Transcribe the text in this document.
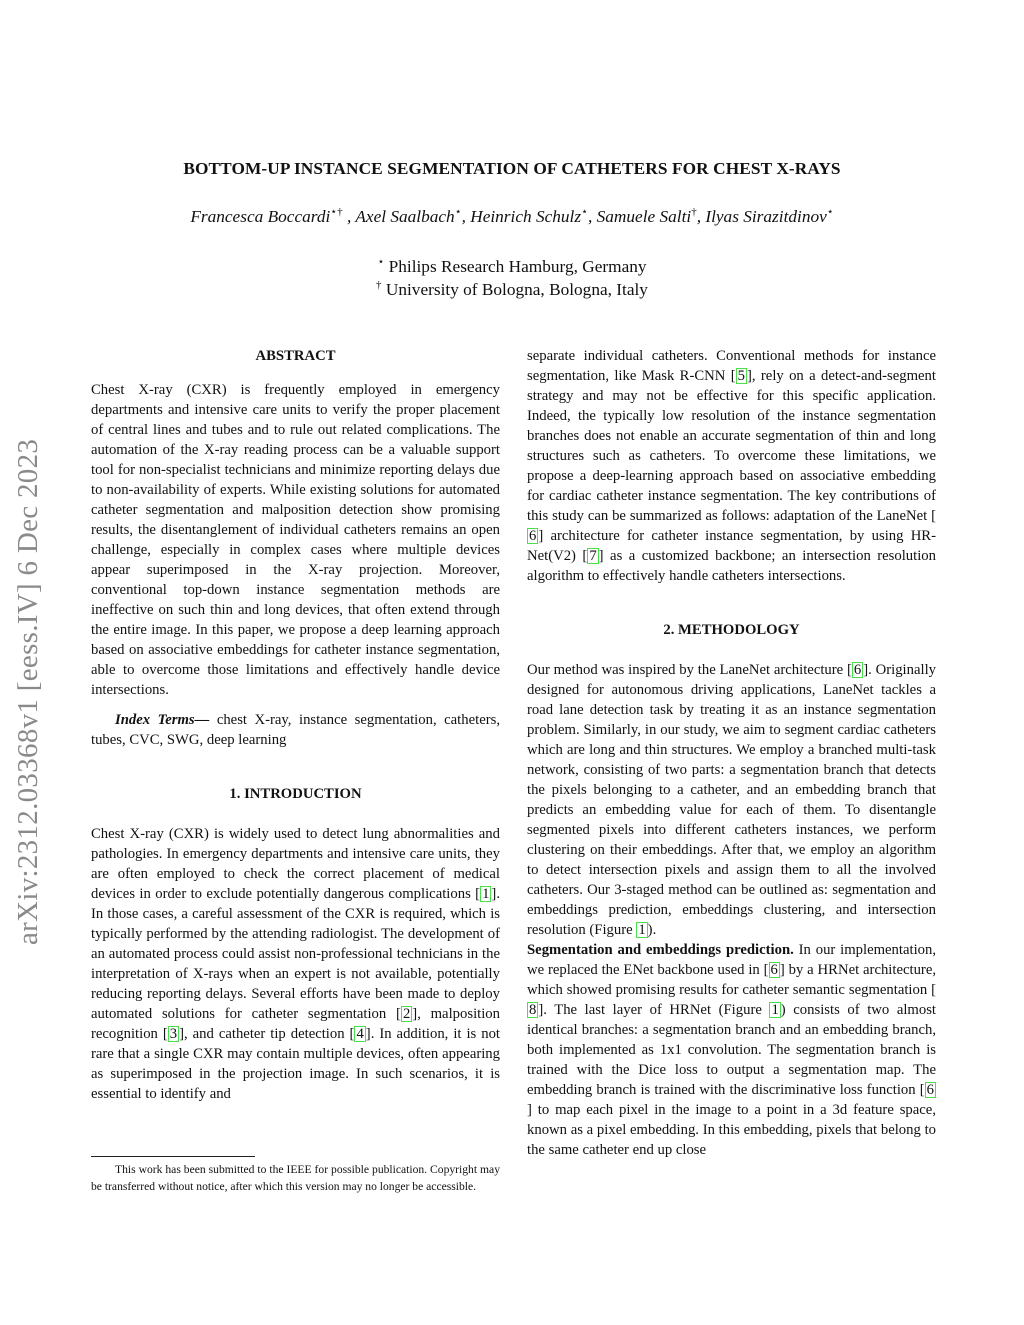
arXiv:2312.03368v1 [eess.IV] 6 Dec 2023
BOTTOM-UP INSTANCE SEGMENTATION OF CATHETERS FOR CHEST X-RAYS
Francesca Boccardi⋆† , Axel Saalbach⋆, Heinrich Schulz⋆, Samuele Salti†, Ilyas Sirazitdinov⋆
⋆ Philips Research Hamburg, Germany
† University of Bologna, Bologna, Italy

ABSTRACT

Chest X-ray (CXR) is frequently employed in emergency departments and intensive care units to verify the proper placement of central lines and tubes and to rule out related complications. The automation of the X-ray reading process can be a valuable support tool for non-specialist technicians and minimize reporting delays due to non-availability of experts. While existing solutions for automated catheter segmentation and malposition detection show promising results, the disentanglement of individual catheters remains an open challenge, especially in complex cases where multiple devices appear superimposed in the X-ray projection. Moreover, conventional top-down instance segmentation methods are ineffective on such thin and long devices, that often extend through the entire image. In this paper, we propose a deep learning approach based on associative embeddings for catheter instance segmentation, able to overcome those limitations and effectively handle device intersections.

Index Terms— chest X-ray, instance segmentation, catheters, tubes, CVC, SWG, deep learning

1. INTRODUCTION

Chest X-ray (CXR) is widely used to detect lung abnormalities and pathologies. In emergency departments and intensive care units, they are often employed to check the correct placement of medical devices in order to exclude potentially dangerous complications [ 1 ]. In those cases, a careful assessment of the CXR is required, which is typically performed by the attending radiologist. The development of an automated process could assist non-professional technicians in the interpretation of X-rays when an expert is not available, potentially reducing reporting delays. Several efforts have been made to deploy automated solutions for catheter segmentation [ 2 ], malposition recognition [ 3 ], and catheter tip detection [ 4 ]. In addition, it is not rare that a single CXR may contain multiple devices, often appearing as superimposed in the projection image. In such scenarios, it is essential to identify and

This work has been submitted to the IEEE for possible publication. Copyright may be transferred without notice, after which this version may no longer be accessible.

separate individual catheters. Conventional methods for instance segmentation, like Mask R-CNN [ 5 ], rely on a detect-and-segment strategy and may not be effective for this specific application. Indeed, the typically low resolution of the instance segmentation branches does not enable an accurate segmentation of thin and long structures such as catheters. To overcome these limitations, we propose a deep-learning approach based on associative embedding for cardiac catheter instance segmentation. The key contributions of this study can be summarized as follows: adaptation of the LaneNet [6 ] architecture for catheter instance segmentation, by using HR-Net(V2) [ 7 ] as a customized backbone; an intersection resolution algorithm to effectively handle catheters intersections.

2. METHODOLOGY

Our method was inspired by the LaneNet architecture [ 6 ]. Originally designed for autonomous driving applications, LaneNet tackles a road lane detection task by treating it as an instance segmentation problem. Similarly, in our study, we aim to segment cardiac catheters which are long and thin structures. We employ a branched multi-task network, consisting of two parts: a segmentation branch that detects the pixels belonging to a catheter, and an embedding branch that predicts an embedding value for each of them. To disentangle segmented pixels into different catheters instances, we perform clustering on their embeddings. After that, we employ an algorithm to detect intersection pixels and assign them to all the involved catheters. Our 3-staged method can be outlined as: segmentation and embeddings prediction, embeddings clustering, and intersection resolution (Figure 1 ).

Segmentation and embeddings prediction. In our implementation, we replaced the ENet backbone used in [ 6 ] by a HRNet architecture, which showed promising results for catheter semantic segmentation [8 ]. The last layer of HRNet (Figure 1 ) consists of two almost identical branches: a segmentation branch and an embedding branch, both implemented as 1x1 convolution. The segmentation branch is trained with the Dice loss to output a segmentation map. The embedding branch is trained with the discriminative loss function [ 6] to map each pixel in the image to a point in a 3d feature space, known as a pixel embedding. In this embedding, pixels that belong to the same catheter end up close
